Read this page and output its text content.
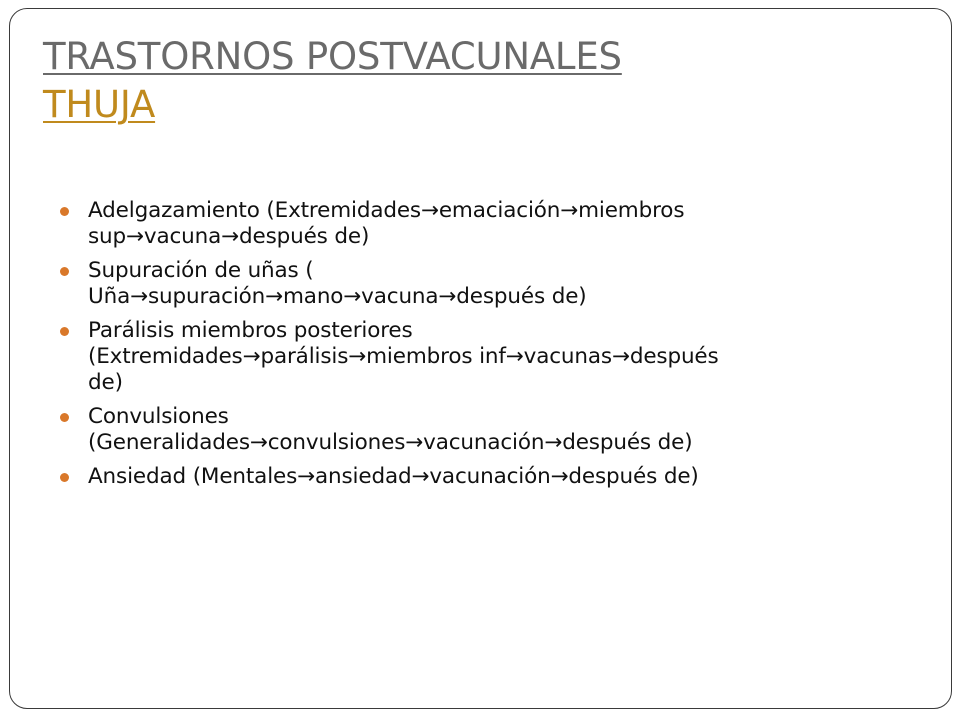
TRASTORNOS POSTVACUNALES
THUJA
Adelgazamiento (Extremidades→emaciación→miembros
sup→vacuna→después de)
Supuración de uñas (
Uña→supuración→mano→vacuna→después de)
Parálisis miembros posteriores
(Extremidades→parálisis→miembros inf→vacunas→después
de)
Convulsiones
(Generalidades→convulsiones→vacunación→después de)
Ansiedad (Mentales→ansiedad→vacunación→después de)
